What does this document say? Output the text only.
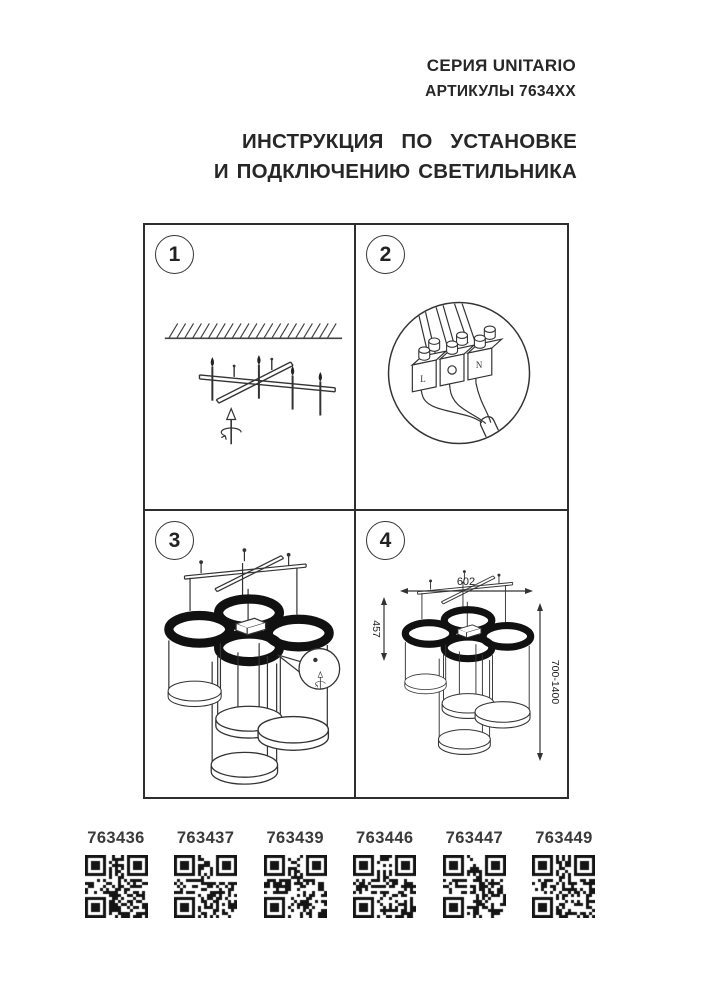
СЕРИЯ UNITARIO
АРТИКУЛЫ 7634XX
ИНСТРУКЦИЯ ПО УСТАНОВКЕ
И ПОДКЛЮЧЕНИЮ СВЕТИЛЬНИКА
1	2
L
N
3	4
602
457
700-1400
763436 763437 763439 763446 763447 763449
